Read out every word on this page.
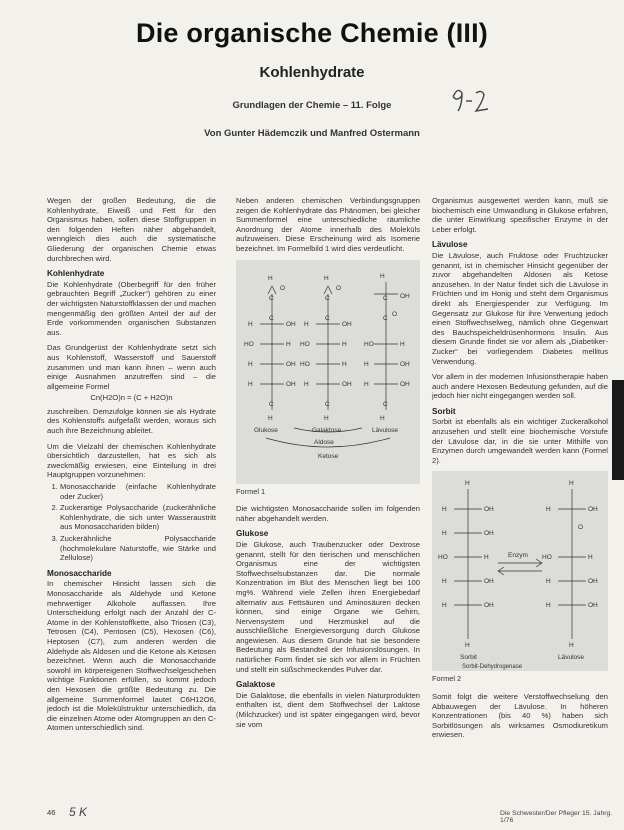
Die organische Chemie (III)
Kohlenhydrate
Grundlagen der Chemie – 11. Folge
Von Gunter Hädemczik und Manfred Ostermann

Wegen der großen Bedeutung, die die Kohlenhydrate, Eiweiß und Fett für den Organismus haben, sollen diese Stoffgruppen in den folgenden Heften näher abgehandelt, wenngleich dies auch die systematische Gliederung der organischen Chemie etwas durchbrechen wird.

Kohlenhydrate

Die Kohlenhydrate (Oberbegriff für den früher gebrauchten Begriff „Zucker“) gehören zu einer der wichtigsten Naturstoffklassen der und machen mengenmäßig den größten Anteil der auf der Erde vorkommenden organischen Substanzen aus.

Das Grundgerüst der Kohlenhydrate setzt sich aus Kohlenstoff, Wasserstoff und Sauerstoff zusammen und man kann ihnen – wenn auch einige Ausnahmen anzutreffen sind – die allgemeine Formel

Cn(H2O)n = (C + H2O)n

zuschreiben. Demzufolge können sie als Hydrate des Kohlenstoffs aufgefaßt werden, woraus sich auch ihre Bezeichnung ableitet.

Um die Vielzahl der chemischen Kohlenhydrate übersichtlich darzustellen, hat es sich als zweckmäßig erwiesen, eine Einteilung in drei Hauptgruppen vorzunehmen:

1. Monosaccharide (einfache Kohlenhydrate oder Zucker)
2. Zuckerartige Polysaccharide (zuckerähnliche Kohlenhydrate, die sich unter Wasseraustritt aus Monosacchariden bilden)
3. Zuckerähnliche Polysaccharide (hochmolekulare Naturstoffe, wie Stärke und Zellulose)
Monosaccharide

In chemischer Hinsicht lassen sich die Monosaccharide als Aldehyde und Ketone mehrwertiger Alkohole auffassen. Ihre Unterscheidung erfolgt nach der Anzahl der C-Atome in der Kohlenstoffkette, also Triosen (C3), Tetrosen (C4), Pentosen (C5), Hexosen (C6), Heptosen (C7), zum anderen werden die Aldehyde als Aldosen und die Ketone als Ketosen bezeichnet. Wenn auch die Monosaccharide sowohl im körpereigenen Stoffwechselgeschehen wichtige Funktionen erfüllen, so kommt jedoch den Hexosen die größte Bedeutung zu. Die allgemeine Summenformel lautet C6H12O6, jedoch ist die Molekülstruktur unterschiedlich, da die einzelnen Atome oder Atomgruppen an den C-Atomen unterschiedlich sind.

Neben anderen chemischen Verbindungsgruppen zeigen die Kohlenhydrate das Phänomen, bei gleicher Summenformel eine unterschiedliche räumliche Anordnung der Atome innerhalb des Moleküls aufzuweisen. Diese Erscheinung wird als Isomerie bezeichnet. Im Formelbild 1 wird dies verdeutlicht.

H	H	H
C	C	C
O	O
OH
H	OH H	OH
C	C	C
O
HO	H HO	H	HO	H
H	OH HO	H	H	OH
H	OH H	OH H	OH
C	C	C
H	H	H
Glukose	Galaktose	Lävulose
Aldose
Ketose
Formel 1

Die wichtigsten Monosaccharide sollen im folgenden näher abgehandelt werden.

Glukose

Die Glukose, auch Traubenzucker oder Dextrose genannt, stellt für den tierischen und menschlichen Organismus eine der wichtigsten Stoffwechselsubstanzen dar. Die normale Konzentration im Blut des Menschen liegt bei 100 mg%. Während viele Zellen ihren Energiebedarf alternativ aus Fettsäuren und Aminosäuren decken können, sind einige Organe wie Gehirn, Nervensystem und Herzmuskel auf die ausschließliche Energieversorgung durch Glukose angewiesen. Aus diesem Grunde hat sie besondere Bedeutung als Bestandteil der Infusionslösungen. In natürlicher Form findet sie sich vor allem in Früchten und stellt ein süßschmeckendes Pulver dar.

Galaktose

Die Galaktose, die ebenfalls in vielen Naturprodukten enthalten ist, dient dem Stoffwechsel der Laktose (Milchzucker) und ist später eingegangen wird, bevor sie vom

Organismus ausgewertet werden kann, muß sie biochemisch eine Umwandlung in Glukose erfahren, die unter Einwirkung spezifischer Enzyme in der Leber erfolgt.

Lävulose

Die Lävulose, auch Fruktose oder Fruchtzucker genannt, ist in chemischer Hinsicht gegenüber der zuvor abgehandelten Aldosen als Ketose anzusehen. In der Natur findet sich die Lävulose in Früchten und im Honig und steht dem Organismus direkt als Energiespender zur Verfügung. Im Gegensatz zur Glukose für ihre Verwertung jedoch einen Stoffwechselweg, nämlich ohne Gegenwart des Bauchspeicheldrüsenhormons Insulin. Aus diesem Grunde findet sie vor allem als „Diabetiker-Zucker“ bei vorliegendem Diabetes mellitus Verwendung.

Vor allem in der modernen Infusionstherapie haben auch andere Hexosen Bedeutung gefunden, auf die jedoch hier nicht eingegangen werden soll.

Sorbit

Sorbit ist ebenfalls als ein wichtiger Zuckeralkohol anzusehen und stellt eine biochemische Vorstufe der Lävulose dar, in die sie unter Mithilfe von Enzymen durch umgewandelt werden kann (Formel 2).

H	H
H	OH	H	OH
H	OH
O
HO	H	HO	H
H	OH	H	OH
H	OH	H	OH
H	H
Enzym
Sorbit	Lävulose
Sorbit-Dehydrogenase
Formel 2

Somit folgt die weitere Verstoffwechselung den Abbauwegen der Lävulose. In höheren Konzentrationen (bis 40 %) haben sich Sorbitlösungen als wirksames Osmodiuretikum erwiesen.

46 5 K	Die Schwester/Der Pfleger 15. Jahrg. 1/76
